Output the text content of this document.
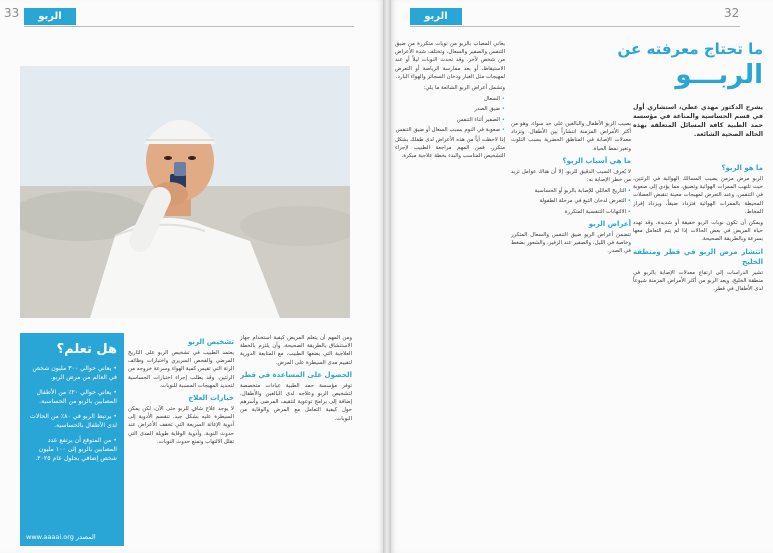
33	الربو

تشخيص الربو

يعتمد الطبيب في تشخيص الربو على التاريخ المرضي والفحص السريري واختبارات وظائف الرئة التي تقيس كمية الهواء وسرعة خروجه من الرئتين. وقد يطلب إجراء اختبارات الحساسية لتحديد المهيجات المسببة للنوبات.

خيارات العلاج

لا يوجد علاج شافٍ للربو حتى الآن، لكن يمكن السيطرة عليه بشكل جيد. تنقسم الأدوية إلى أدوية الإغاثة السريعة التي تخفف الأعراض عند حدوث النوبة، وأدوية الوقاية طويلة المدى التي تقلل الالتهاب وتمنع حدوث النوبات.

ومن المهم أن يتعلم المريض كيفية استخدام جهاز الاستنشاق بالطريقة الصحيحة، وأن يلتزم بالخطة العلاجية التي يضعها الطبيب، مع المتابعة الدورية لتقييم مدى السيطرة على المرض.

الحصول على المساعدة في قطر

توفر مؤسسة حمد الطبية عيادات متخصصة لتشخيص الربو وعلاجه لدى البالغين والأطفال، إضافة إلى برامج توعوية لتثقيف المرضى وأسرهم حول كيفية التعامل مع المرض والوقاية من النوبات.

هل تعلم؟
• يعاني حوالي ٣٠٠ مليون شخص في العالم من مرض الربو.
• يعاني حوالي ٢٠٪ من الأطفال المصابين بالربو من الحساسية.
• يرتبط الربو في ٨٠٪ من الحالات لدى الأطفال بالحساسية.
• من المتوقع أن يرتفع عدد المصابين بالربو إلى ١٠٠ مليون شخص إضافي بحلول عام ٢٠٢٥.
www.aaaai.org المصدر
32
الربو

يعاني المصاب بالربو من نوبات متكررة من ضيق التنفس والصفير والسعال، وتختلف شدة الأعراض من شخص لآخر. وقد تحدث النوبات ليلاً أو عند الاستيقاظ، أو بعد ممارسة الرياضة أو التعرض لمهيجات مثل الغبار ودخان السجائر والهواء البارد.

وتشمل أعراض الربو الشائعة ما يلي:

• السعال
• ضيق الصدر
• الصفير أثناء التنفس
• صعوبة في النوم بسبب السعال أو ضيق التنفس

إذا لاحظت أياً من هذه الأعراض لدى طفلك بشكل متكرر، فمن المهم مراجعة الطبيب لإجراء التشخيص المناسب والبدء بخطة علاجية مبكرة.

يصيب الربو الأطفال والبالغين على حد سواء، وهو من أكثر الأمراض المزمنة انتشاراً بين الأطفال. وتزداد معدلات الإصابة في المناطق الحضرية بسبب التلوث وتغير نمط الحياة.

ما هي أسباب الربو؟

لا يُعرف السبب الدقيق للربو، إلا أن هناك عوامل تزيد من خطر الإصابة به:

• التاريخ العائلي للإصابة بالربو أو الحساسية
• التعرض لدخان التبغ في مرحلة الطفولة
• الالتهابات التنفسية المتكررة

أعراض الربو

تتضمن أعراض الربو ضيق التنفس والسعال المتكرر وخاصة في الليل، والصفير عند الزفير، والشعور بضغط في الصدر.

ما تحتاج معرفته عن
الربـــو
يشرح الدكتور مهدي عطي، استشاري أول في قسم الحساسية والمناعة في مؤسسة حمد الطبية كافة المسائل المتعلقة بهذه الحالة الصحية الشائعة.

ما هو الربو؟

الربو مرض مزمن يصيب المسالك الهوائية في الرئتين، حيث تلتهب الممرات الهوائية وتضيق، مما يؤدي إلى صعوبة في التنفس. وعند التعرض لمهيجات معينة تنقبض العضلات المحيطة بالممرات الهوائية فتزداد ضيقاً، ويزداد إفراز المخاط.

ويمكن أن تكون نوبات الربو خفيفة أو شديدة، وقد تهدد حياة المريض في بعض الحالات إذا لم يتم التعامل معها بسرعة وبالطريقة الصحيحة.

انتشار مرض الربو في قطر ومنطقة الخليج

تشير الدراسات إلى ارتفاع معدلات الإصابة بالربو في منطقة الخليج، ويعد الربو من أكثر الأمراض المزمنة شيوعاً لدى الأطفال في قطر.
